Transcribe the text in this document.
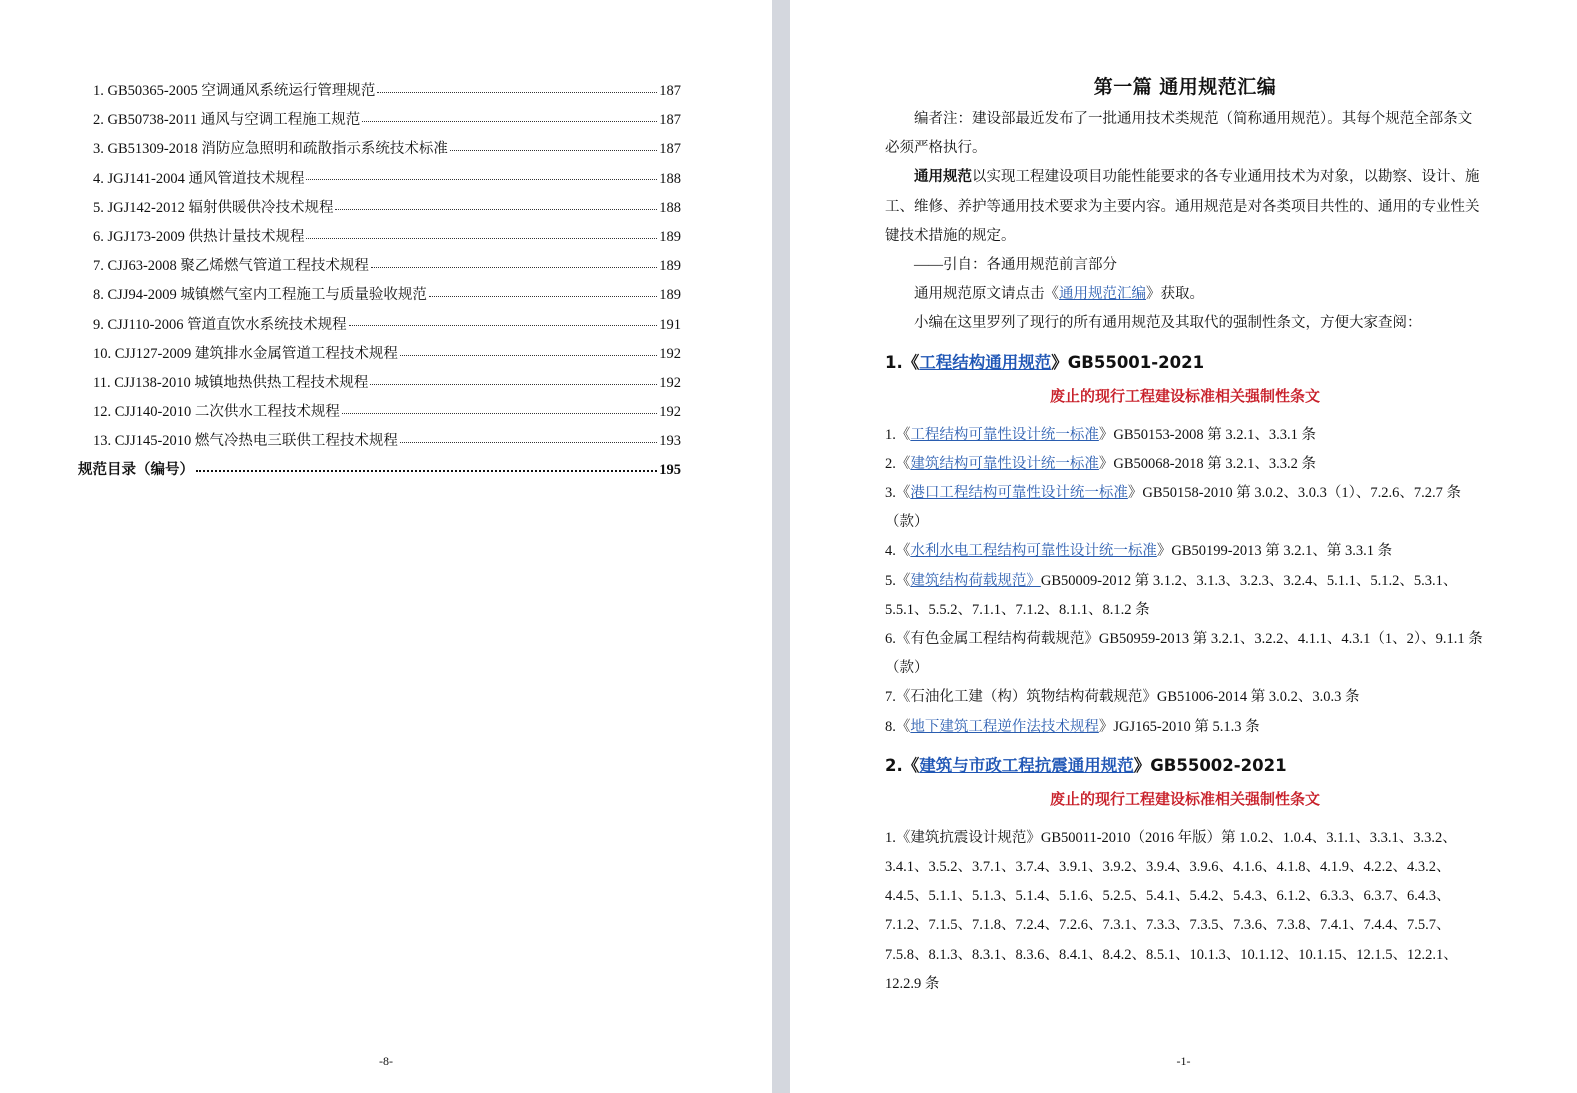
1. GB50365-2005 空调通风系统运行管理规范	187
2. GB50738-2011 通风与空调工程施工规范	187
3. GB51309-2018 消防应急照明和疏散指示系统技术标准	187
4. JGJ141-2004 通风管道技术规程	188
5. JGJ142-2012 辐射供暖供冷技术规程	188
6. JGJ173-2009 供热计量技术规程	189
7. CJJ63-2008 聚乙烯燃气管道工程技术规程	189
8. CJJ94-2009 城镇燃气室内工程施工与质量验收规范	189
9. CJJ110-2006 管道直饮水系统技术规程	191
10. CJJ127-2009 建筑排水金属管道工程技术规程	192
11. CJJ138-2010 城镇地热供热工程技术规程	192
12. CJJ140-2010 二次供水工程技术规程	192
13. CJJ145-2010 燃气冷热电三联供工程技术规程	193
规范目录（编号）	195
-8-
第一篇 通用规范汇编

编者注：建设部最近发布了一批通用技术类规范（简称通用规范）。其每个规范全部条文必须严格执行。

通用规范以实现工程建设项目功能性能要求的各专业通用技术为对象，以勘察、设计、施工、维修、养护等通用技术要求为主要内容。通用规范是对各类项目共性的、通用的专业性关键技术措施的规定。

——引自：各通用规范前言部分

通用规范原文请点击《通用规范汇编》获取。

小编在这里罗列了现行的所有通用规范及其取代的强制性条文，方便大家查阅：

1.《工程结构通用规范》GB55001-2021
废止的现行工程建设标准相关强制性条文

1.《工程结构可靠性设计统一标准》GB50153-2008 第 3.2.1、3.3.1 条

2.《建筑结构可靠性设计统一标准》GB50068-2018 第 3.2.1、3.3.2 条

3.《港口工程结构可靠性设计统一标准》GB50158-2010 第 3.0.2、3.0.3（1）、7.2.6、7.2.7 条（款）

4.《水利水电工程结构可靠性设计统一标准》GB50199-2013 第 3.2.1、第 3.3.1 条

5.《建筑结构荷载规范》GB50009-2012 第 3.1.2、3.1.3、3.2.3、3.2.4、5.1.1、5.1.2、5.3.1、5.5.1、5.5.2、7.1.1、7.1.2、8.1.1、8.1.2 条

6.《有色金属工程结构荷载规范》GB50959-2013 第 3.2.1、3.2.2、4.1.1、4.3.1（1、2）、9.1.1 条（款）

7.《石油化工建（构）筑物结构荷载规范》GB51006-2014 第 3.0.2、3.0.3 条

8.《地下建筑工程逆作法技术规程》JGJ165-2010 第 5.1.3 条

2.《建筑与市政工程抗震通用规范》GB55002-2021
废止的现行工程建设标准相关强制性条文

1.《建筑抗震设计规范》GB50011-2010（2016 年版）第 1.0.2、1.0.4、3.1.1、3.3.1、3.3.2、3.4.1、3.5.2、3.7.1、3.7.4、3.9.1、3.9.2、3.9.4、3.9.6、4.1.6、4.1.8、4.1.9、4.2.2、4.3.2、4.4.5、5.1.1、5.1.3、5.1.4、5.1.6、5.2.5、5.4.1、5.4.2、5.4.3、6.1.2、6.3.3、6.3.7、6.4.3、7.1.2、7.1.5、7.1.8、7.2.4、7.2.6、7.3.1、7.3.3、7.3.5、7.3.6、7.3.8、7.4.1、7.4.4、7.5.7、7.5.8、8.1.3、8.3.1、8.3.6、8.4.1、8.4.2、8.5.1、10.1.3、10.1.12、10.1.15、12.1.5、12.2.1、12.2.9 条

-1-
